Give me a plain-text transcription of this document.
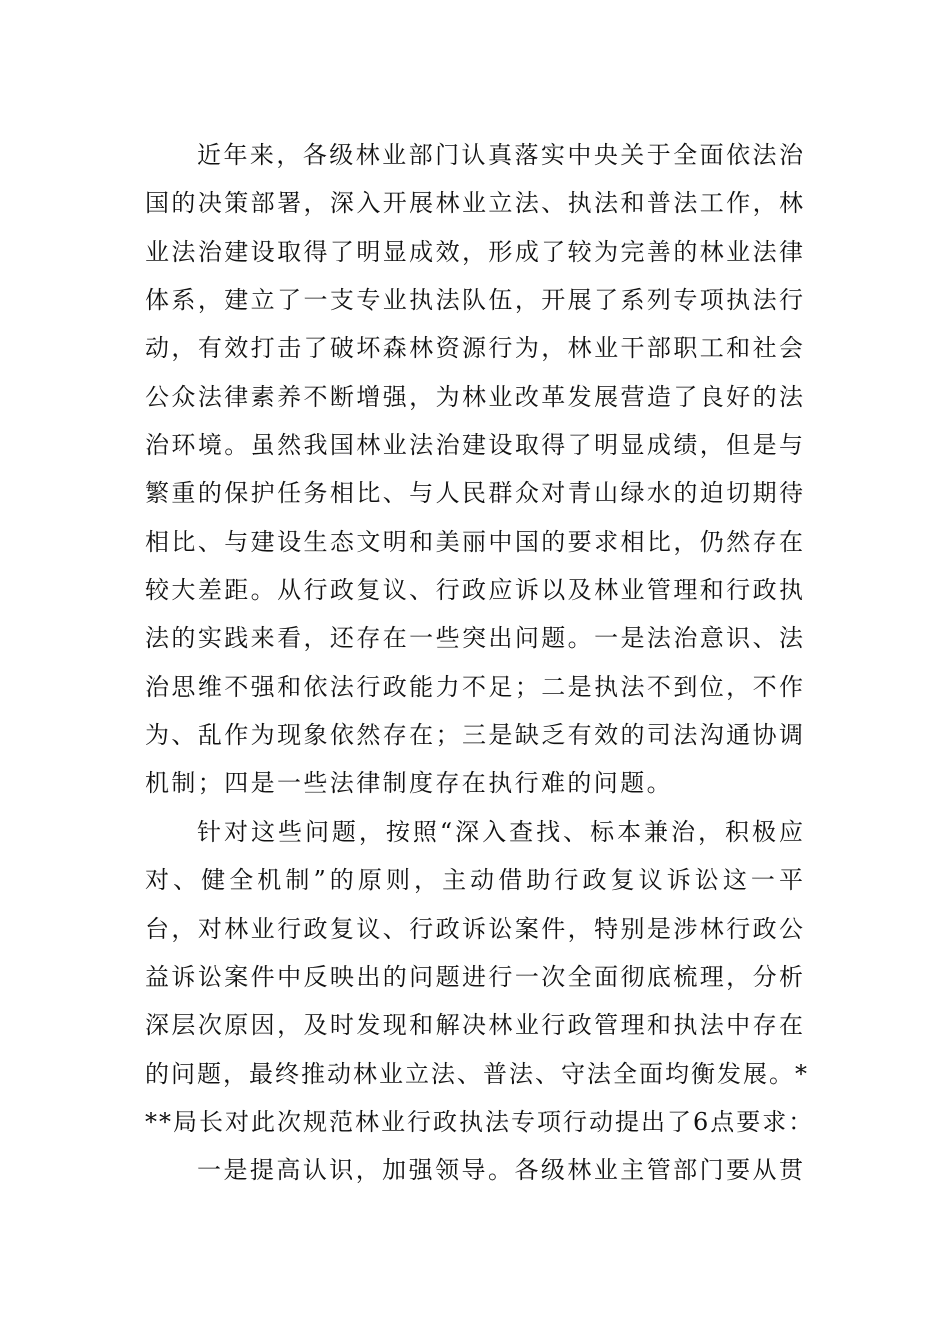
近年来，各级林业部门认真落实中央关于全面依法治
国的决策部署，深入开展林业立法、执法和普法工作，林
业法治建设取得了明显成效，形成了较为完善的林业法律
体系，建立了一支专业执法队伍，开展了系列专项执法行
动，有效打击了破坏森林资源行为，林业干部职工和社会
公众法律素养不断增强，为林业改革发展营造了良好的法
治环境。虽然我国林业法治建设取得了明显成绩，但是与
繁重的保护任务相比、与人民群众对青山绿水的迫切期待
相比、与建设生态文明和美丽中国的要求相比，仍然存在
较大差距。从行政复议、行政应诉以及林业管理和行政执
法的实践来看，还存在一些突出问题。一是法治意识、法
治思维不强和依法行政能力不足；二是执法不到位，不作
为、乱作为现象依然存在；三是缺乏有效的司法沟通协调
机制；四是一些法律制度存在执行难的问题。
针对这些问题，按照“深入查找、标本兼治，积极应
对、健全机制”的原则，主动借助行政复议诉讼这一平
台，对林业行政复议、行政诉讼案件，特别是涉林行政公
益诉讼案件中反映出的问题进行一次全面彻底梳理，分析
深层次原因，及时发现和解决林业行政管理和执法中存在
的问题，最终推动林业立法、普法、守法全面均衡发展。*
**局长对此次规范林业行政执法专项行动提出了6点要求：
一是提高认识，加强领导。各级林业主管部门要从贯
